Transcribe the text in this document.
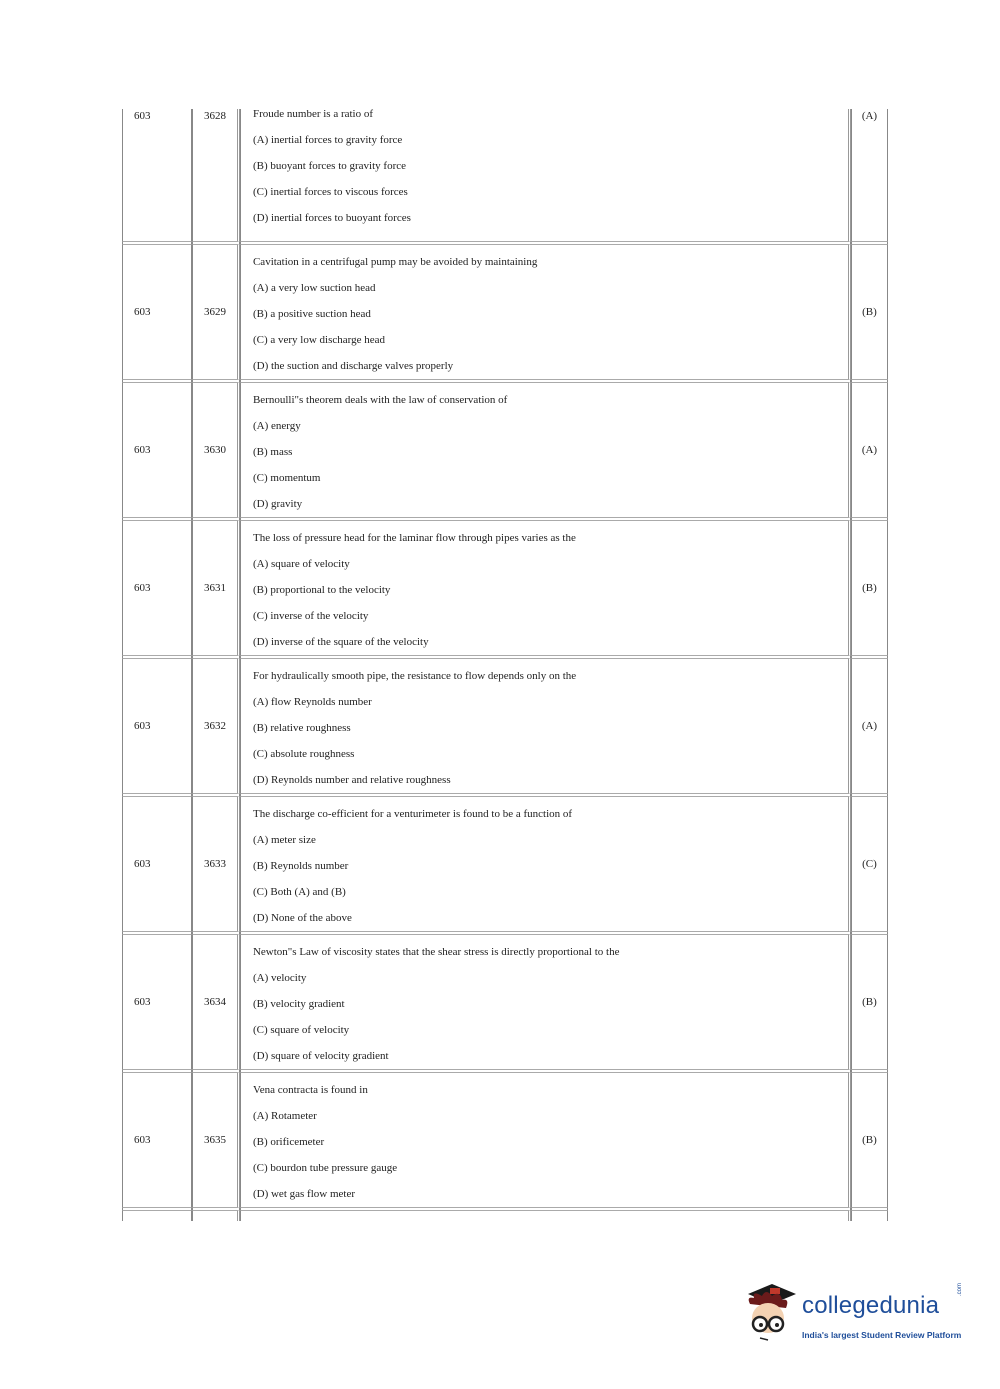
603	3628	Froude number is a ratio of
(A) inertial forces to gravity force
(B) buoyant forces to gravity force
(C) inertial forces to viscous forces
(D) inertial forces to buoyant forces	(A)

603	3629	Cavitation in a centrifugal pump may be avoided by maintaining
(A) a very low suction head
(B) a positive suction head
(C) a very low discharge head
(D) the suction and discharge valves properly	(B)

603	3630	Bernoulli"s theorem deals with the law of conservation of
(A) energy
(B) mass
(C) momentum
(D) gravity	(A)

603	3631	The loss of pressure head for the laminar flow through pipes varies as the
(A) square of velocity
(B) proportional to the velocity
(C) inverse of the velocity
(D) inverse of the square of the velocity	(B)

603	3632	For hydraulically smooth pipe, the resistance to flow depends only on the
(A) flow Reynolds number
(B) relative roughness
(C) absolute roughness
(D) Reynolds number and relative roughness	(A)

603	3633	The discharge co-efficient for a venturimeter is found to be a function of
(A) meter size
(B) Reynolds number
(C) Both (A) and (B)
(D) None of the above	(C)

603	3634	Newton"s Law of viscosity states that the shear stress is directly proportional to the
(A) velocity
(B) velocity gradient
(C) square of velocity
(D) square of velocity gradient	(B)

603	3635	Vena contracta is found in
(A) Rotameter
(B) orificemeter
(C) bourdon tube pressure gauge
(D) wet gas flow meter	(B)

collegedunia
.com
India's largest Student Review Platform
